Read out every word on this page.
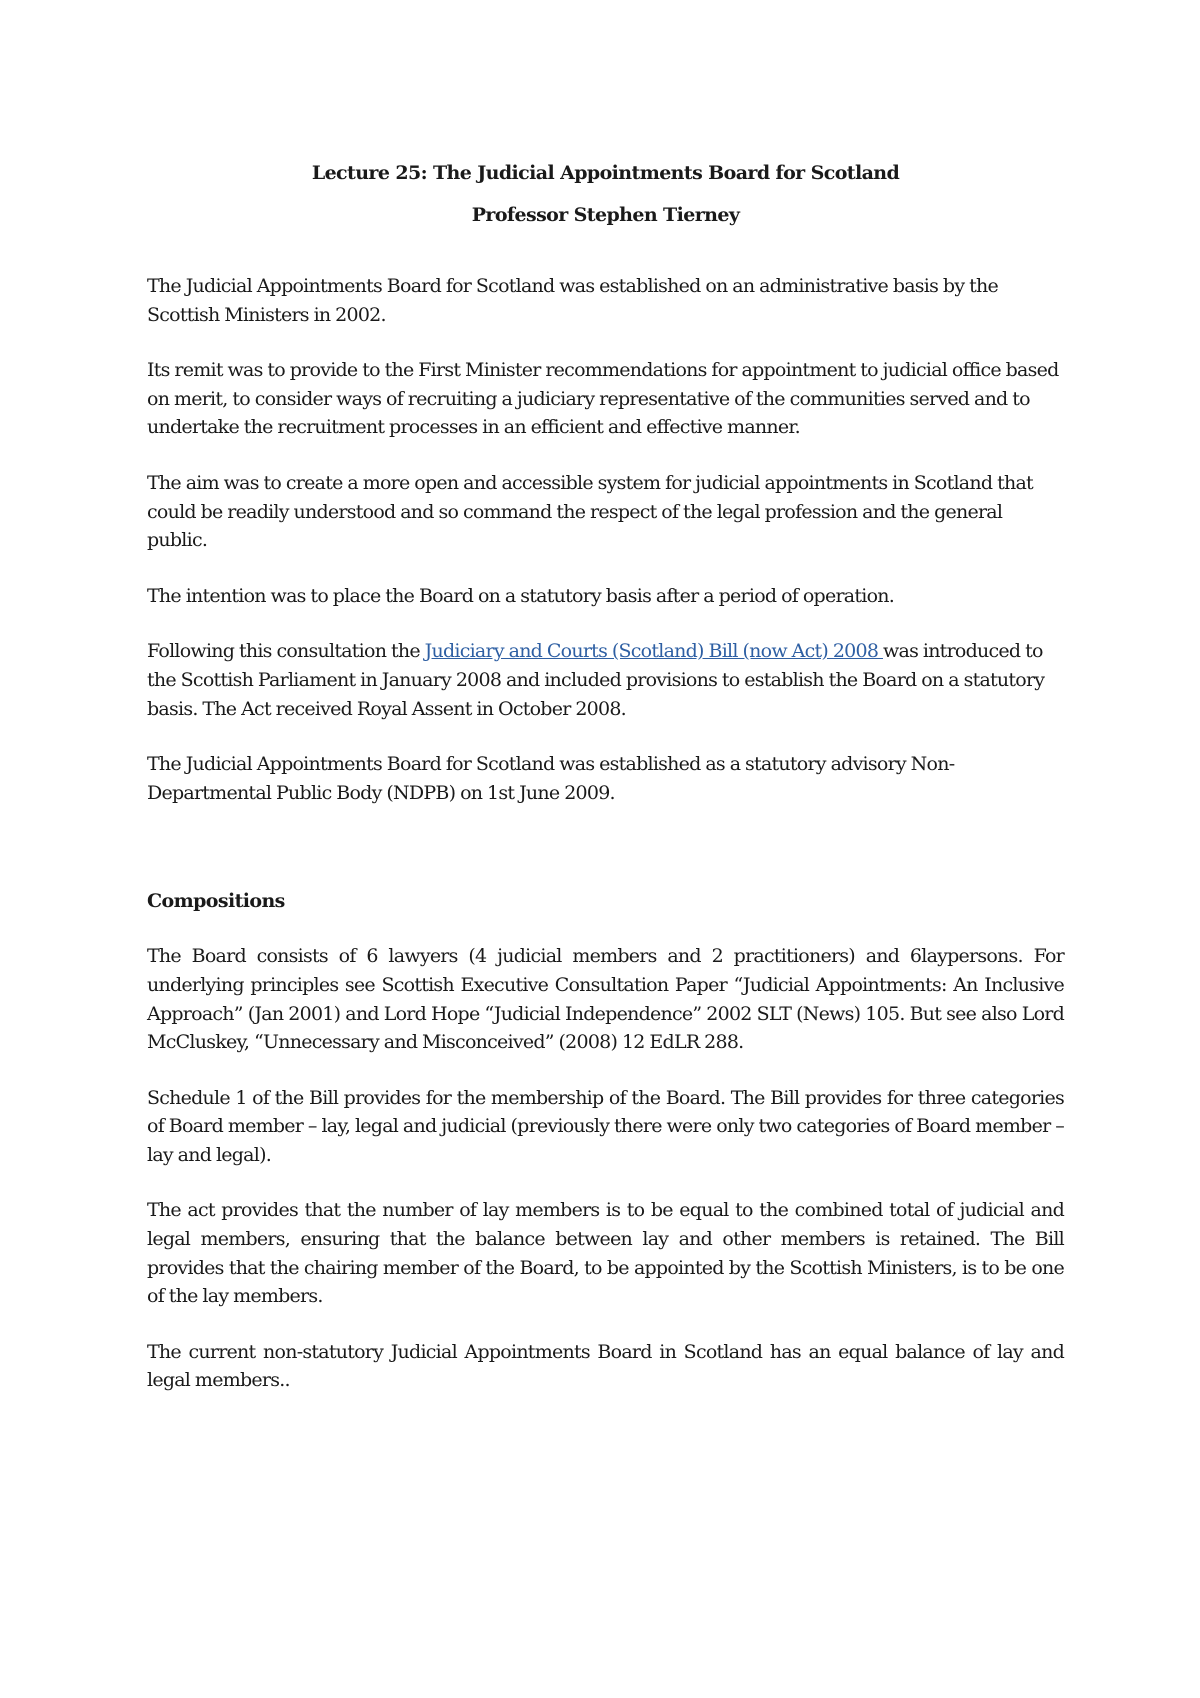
Lecture 25: The Judicial Appointments Board for Scotland
Professor Stephen Tierney

The Judicial Appointments Board for Scotland was established on an administrative basis by the Scottish Ministers in 2002.

Its remit was to provide to the First Minister recommendations for appointment to judicial office based on merit, to consider ways of recruiting a judiciary representative of the communities served and to undertake the recruitment processes in an efficient and effective manner.

The aim was to create a more open and accessible system for judicial appointments in Scotland that could be readily understood and so command the respect of the legal profession and the general public.

The intention was to place the Board on a statutory basis after a period of operation.

Following this consultation the Judiciary and Courts (Scotland) Bill (now Act) 2008 was introduced to the Scottish Parliament in January 2008 and included provisions to establish the Board on a statutory basis. The Act received Royal Assent in October 2008.

The Judicial Appointments Board for Scotland was established as a statutory advisory Non-Departmental Public Body (NDPB) on 1st June 2009.

Compositions

The Board consists of 6 lawyers (4 judicial members and 2 practitioners) and 6laypersons. For underlying principles see Scottish Executive Consultation Paper “Judicial Appointments: An Inclusive Approach” (Jan 2001) and Lord Hope “Judicial Independence” 2002 SLT (News) 105. But see also Lord McCluskey, “Unnecessary and Misconceived” (2008) 12 EdLR 288.

Schedule 1 of the Bill provides for the membership of the Board. The Bill provides for three categories of Board member – lay, legal and judicial (previously there were only two categories of Board member – lay and legal).

The act provides that the number of lay members is to be equal to the combined total of judicial and legal members, ensuring that the balance between lay and other members is retained. The Bill provides that the chairing member of the Board, to be appointed by the Scottish Ministers, is to be one of the lay members.

The current non-statutory Judicial Appointments Board in Scotland has an equal balance of lay and legal members..
